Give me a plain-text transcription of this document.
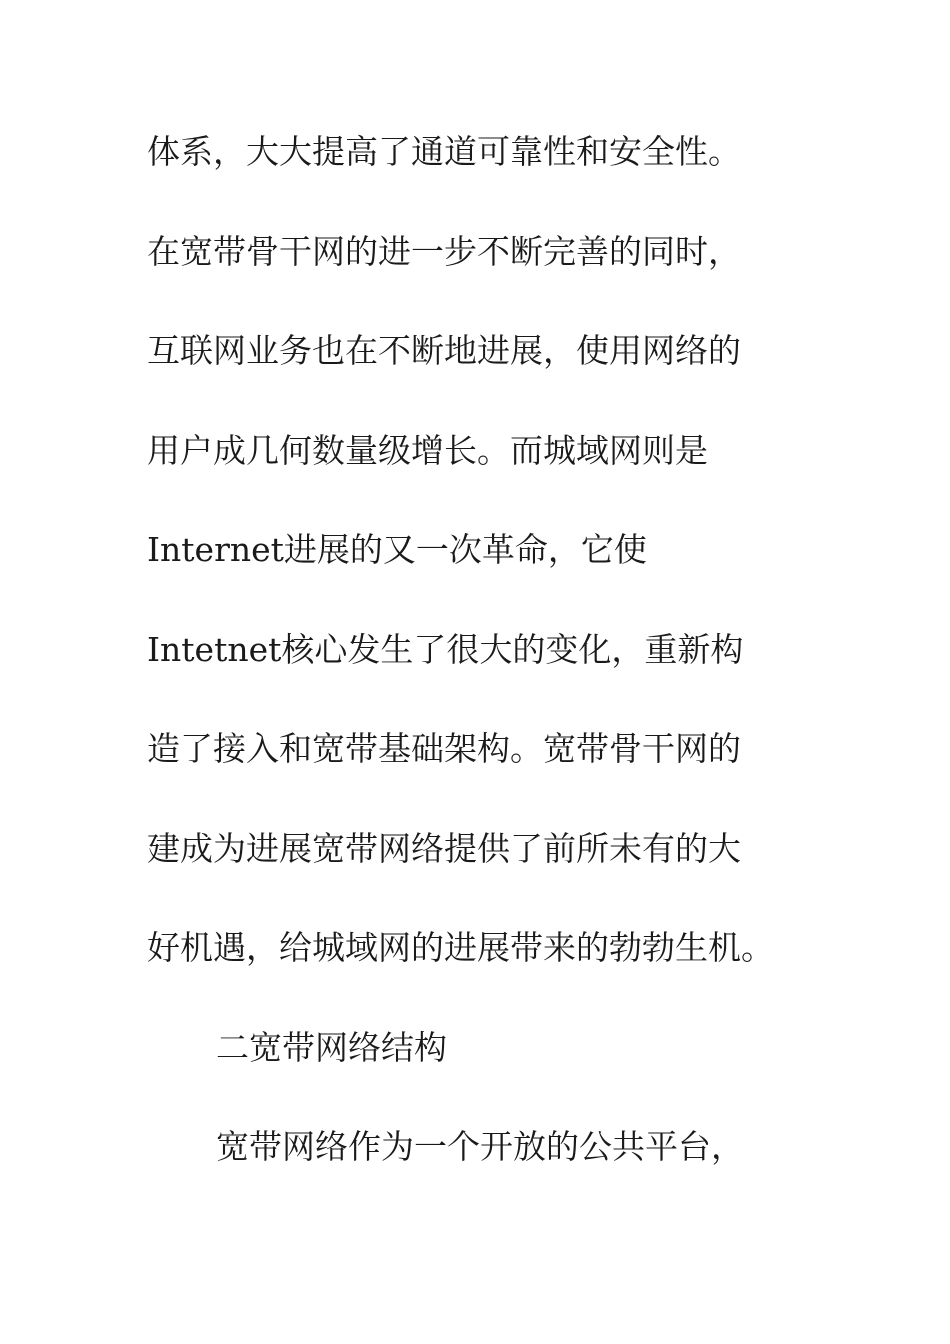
体系，大大提高了通道可靠性和安全性。
在宽带骨干网的进一步不断完善的同时，
互联网业务也在不断地进展，使用网络的
用户成几何数量级增长。而城域网则是
Internet进展的又一次革命，它使
Intetnet核心发生了很大的变化，重新构
造了接入和宽带基础架构。宽带骨干网的
建成为进展宽带网络提供了前所未有的大
好机遇，给城域网的进展带来的勃勃生机。
二宽带网络结构
宽带网络作为一个开放的公共平台，
